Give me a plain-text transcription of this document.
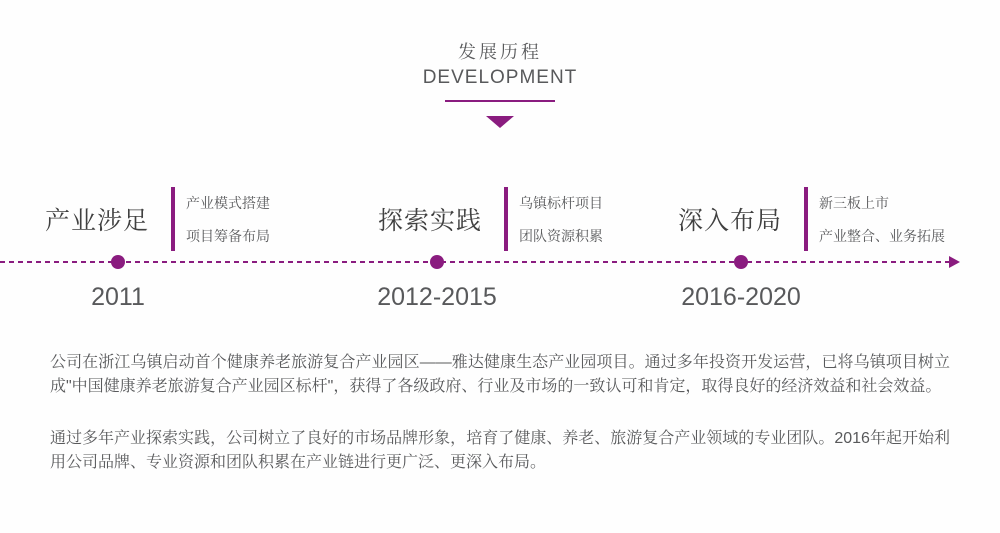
发展历程
DEVELOPMENT
产业涉足
产业模式搭建
项目筹备布局
探索实践
乌镇标杆项目
团队资源积累
深入布局
新三板上市
产业整合、业务拓展
2011	2012-2015	2016-2020

公司在浙江乌镇启动首个健康养老旅游复合产业园区——雅达健康生态产业园项目。通过多年投资开发运营，已将乌镇项目树立成"中国健康养老旅游复合产业园区标杆"，获得了各级政府、行业及市场的一致认可和肯定，取得良好的经济效益和社会效益。

通过多年产业探索实践，公司树立了良好的市场品牌形象，培育了健康、养老、旅游复合产业领域的专业团队。2016年起开始利用公司品牌、专业资源和团队积累在产业链进行更广泛、更深入布局。
